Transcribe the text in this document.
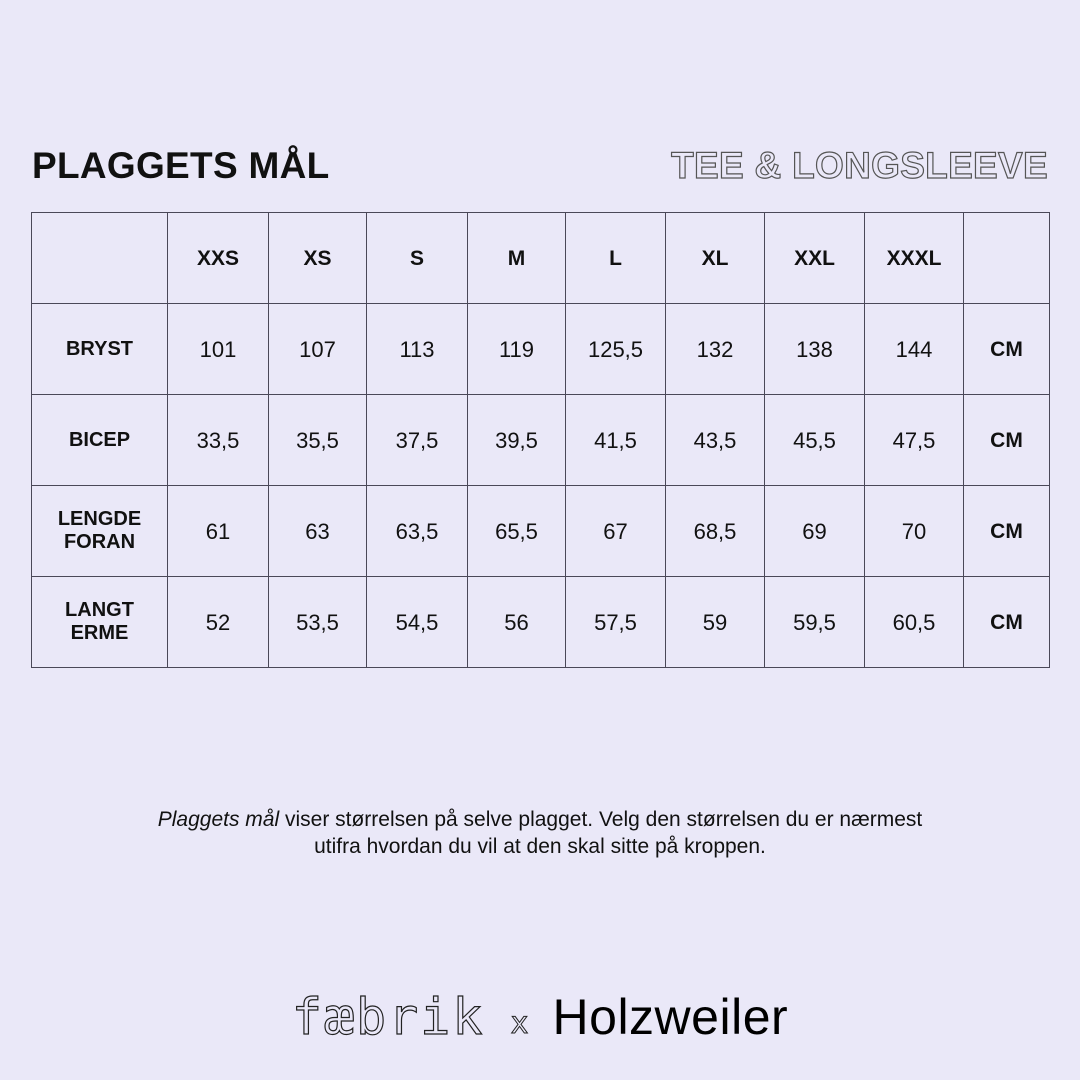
PLAGGETS MÅL	TEE & LONGSLEEVE
	XXS	XS	S	M	L	XL	XXL	XXXL	

BRYST	101	107	113	119	125,5	132	138	144	CM

BICEP	33,5	35,5	37,5	39,5	41,5	43,5	45,5	47,5	CM

LENGDE
FORAN	61	63	63,5	65,5	67	68,5	69	70	CM

LANGT
ERME	52	53,5	54,5	56	57,5	59	59,5	60,5	CM
Plaggets mål viser størrelsen på selve plagget. Velg den størrelsen du er nærmest
utifra hvordan du vil at den skal sitte på kroppen.
fæbrik x Holzweiler
